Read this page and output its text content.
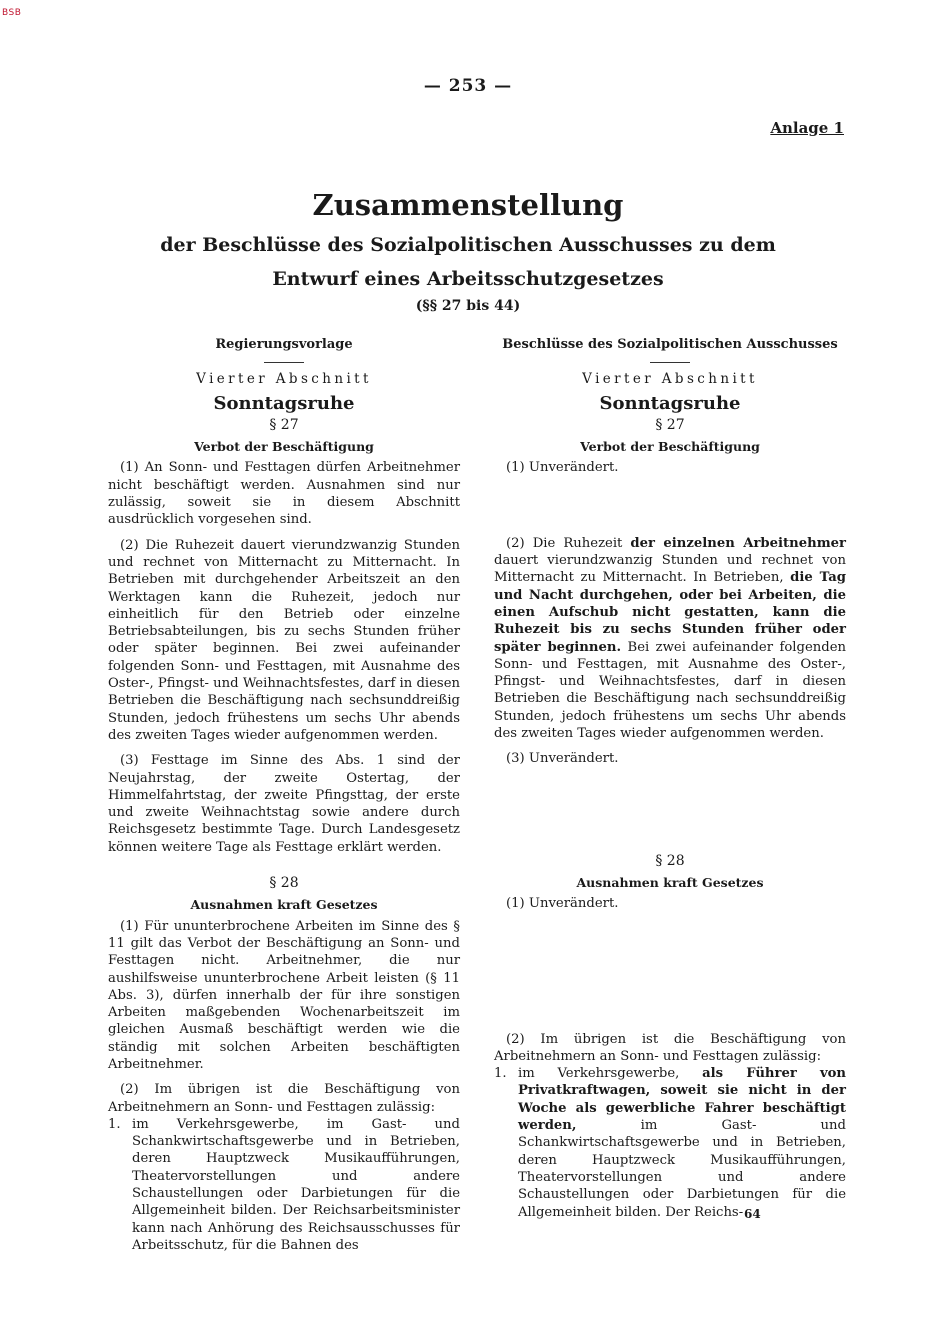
BSB
— 253 —
Anlage 1
Zusammenstellung
der Beschlüsse des Sozialpolitischen Ausschusses zu dem
Entwurf eines Arbeitsschutzgesetzes
(§§ 27 bis 44)
Regierungsvorlage
Vierter Abschnitt
Sonntagsruhe
§ 27
Verbot der Beschäftigung

(1) An Sonn- und Festtagen dürfen Arbeitnehmer nicht beschäftigt werden. Ausnahmen sind nur zulässig, soweit sie in diesem Abschnitt ausdrücklich vorgesehen sind.

(2) Die Ruhezeit dauert vierundzwanzig Stunden und rechnet von Mitternacht zu Mitternacht. In Betrieben mit durchgehender Arbeitszeit an den Werktagen kann die Ruhezeit, jedoch nur einheitlich für den Betrieb oder einzelne Betriebsabteilungen, bis zu sechs Stunden früher oder später beginnen. Bei zwei aufeinander folgenden Sonn- und Festtagen, mit Ausnahme des Oster-, Pfingst- und Weihnachtsfestes, darf in diesen Betrieben die Beschäftigung nach sechsunddreißig Stunden, jedoch frühestens um sechs Uhr abends des zweiten Tages wieder aufgenommen werden.

(3) Festtage im Sinne des Abs. 1 sind der Neujahrstag, der zweite Ostertag, der Himmelfahrtstag, der zweite Pfingsttag, der erste und zweite Weihnachtstag sowie andere durch Reichsgesetz bestimmte Tage. Durch Landesgesetz können weitere Tage als Festtage erklärt werden.

§ 28
Ausnahmen kraft Gesetzes

(1) Für ununterbrochene Arbeiten im Sinne des § 11 gilt das Verbot der Beschäftigung an Sonn- und Festtagen nicht. Arbeitnehmer, die nur aushilfsweise ununterbrochene Arbeit leisten (§ 11 Abs. 3), dürfen innerhalb der für ihre sonstigen Arbeiten maßgebenden Wochenarbeitszeit im gleichen Ausmaß beschäftigt werden wie die ständig mit solchen Arbeiten beschäftigten Arbeitnehmer.

(2) Im übrigen ist die Beschäftigung von Arbeitnehmern an Sonn- und Festtagen zulässig:

1. im Verkehrsgewerbe, im Gast- und Schankwirtschaftsgewerbe und in Betrieben, deren Hauptzweck Musikaufführungen, Theatervorstellungen und andere Schaustellungen oder Darbietungen für die Allgemeinheit bilden. Der Reichsarbeitsminister kann nach Anhörung des Reichsausschusses für Arbeitsschutz, für die Bahnen des
Beschlüsse des Sozialpolitischen Ausschusses
Vierter Abschnitt
Sonntagsruhe
§ 27
Verbot der Beschäftigung

(1) Unverändert.

(2) Die Ruhezeit der einzelnen Arbeitnehmer dauert vierundzwanzig Stunden und rechnet von Mitternacht zu Mitternacht. In Betrieben, die Tag und Nacht durchgehen, oder bei Arbeiten, die einen Aufschub nicht gestatten, kann die Ruhezeit bis zu sechs Stunden früher oder später beginnen. Bei zwei aufeinander folgenden Sonn- und Festtagen, mit Ausnahme des Oster-, Pfingst- und Weihnachtsfestes, darf in diesen Betrieben die Beschäftigung nach sechsunddreißig Stunden, jedoch frühestens um sechs Uhr abends des zweiten Tages wieder aufgenommen werden.

(3) Unverändert.

§ 28
Ausnahmen kraft Gesetzes

(1) Unverändert.

(2) Im übrigen ist die Beschäftigung von Arbeitnehmern an Sonn- und Festtagen zulässig:

1. im Verkehrsgewerbe, als Führer von Privatkraftwagen, soweit sie nicht in der Woche als gewerbliche Fahrer beschäftigt werden, im Gast- und Schankwirtschaftsgewerbe und in Betrieben, deren Hauptzweck Musikaufführungen, Theatervorstellungen und andere Schaustellungen oder Darbietungen für die Allgemeinheit bilden. Der Reichs- 64
